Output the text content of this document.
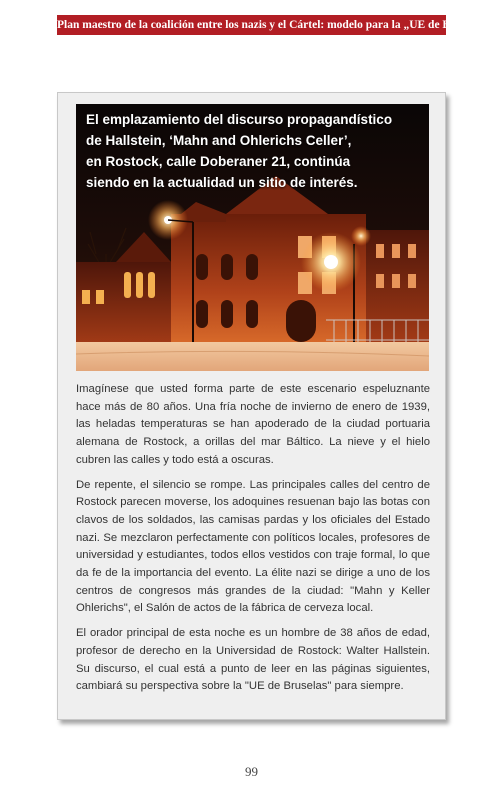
Plan maestro de la coalición entre los nazis y el Cártel: modelo para la „UE de Bruselas“
El emplazamiento del discurso propagandístico
de Hallstein, ‘Mahn and Ohlerichs Celler’,
en Rostock, calle Doberaner 21, continúa
siendo en la actualidad un sitio de interés.

Imagínese que usted forma parte de este escenario espeluznante hace más de 80 años. Una fría noche de invierno de enero de 1939, las heladas temperaturas se han apoderado de la ciudad portuaria alemana de Rostock, a orillas del mar Báltico. La nieve y el hielo cubren las calles y todo está a oscuras.

De repente, el silencio se rompe. Las principales calles del centro de Rostock parecen moverse, los adoquines resuenan bajo las botas con clavos de los soldados, las camisas pardas y los oficiales del Estado nazi. Se mezclaron perfectamente con políticos locales, profesores de universidad y estudiantes, todos ellos vestidos con traje formal, lo que da fe de la importancia del evento. La élite nazi se dirige a uno de los centros de congresos más grandes de la ciudad: "Mahn y Keller Ohlerichs", el Salón de actos de la fábrica de cerveza local.

El orador principal de esta noche es un hombre de 38 años de edad, profesor de derecho en la Universidad de Rostock: Walter Hallstein. Su discurso, el cual está a punto de leer en las páginas siguientes, cambiará su perspectiva sobre la "UE de Bruselas" para siempre.

99
